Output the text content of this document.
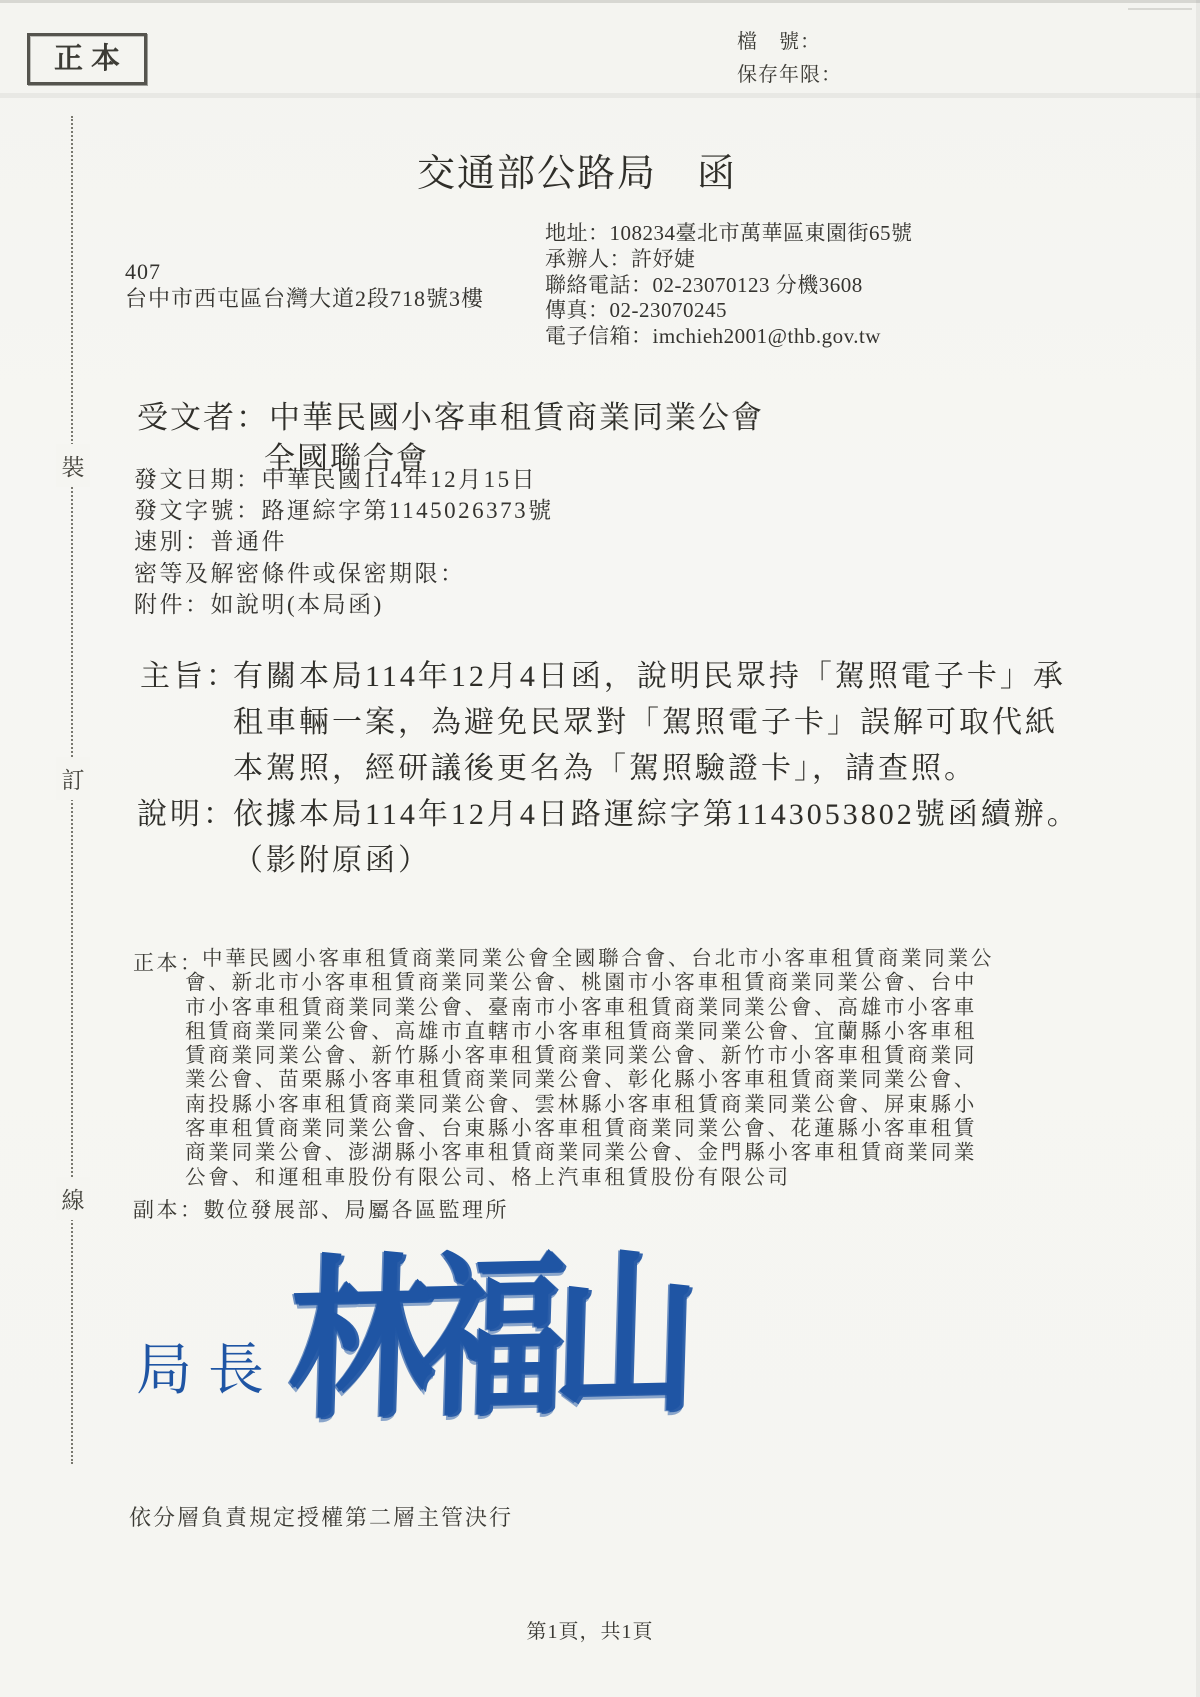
正本
檔　號：
保存年限：
交通部公路局　函
裝
訂
線
407
台中市西屯區台灣大道2段718號3樓
地址：108234臺北市萬華區東園街65號
承辦人：許妤婕
聯絡電話：02-23070123 分機3608
傳真：02-23070245
電子信箱：imchieh2001@thb.gov.tw
受文者：中華民國小客車租賃商業同業公會
全國聯合會
發文日期：中華民國114年12月15日
發文字號：路運綜字第1145026373號
速別：普通件
密等及解密條件或保密期限：
附件：如說明(本局函)
主旨：
有關本局114年12月4日函，說明民眾持「駕照電子卡」承
租車輛一案，為避免民眾對「駕照電子卡」誤解可取代紙
本駕照，經研議後更名為「駕照驗證卡」，請查照。
說明：
依據本局114年12月4日路運綜字第1143053802號函續辦。
（影附原函）
正本：
中華民國小客車租賃商業同業公會全國聯合會、台北市小客車租賃商業同業公
會、新北市小客車租賃商業同業公會、桃園市小客車租賃商業同業公會、台中
市小客車租賃商業同業公會、臺南市小客車租賃商業同業公會、高雄市小客車
租賃商業同業公會、高雄市直轄市小客車租賃商業同業公會、宜蘭縣小客車租
賃商業同業公會、新竹縣小客車租賃商業同業公會、新竹市小客車租賃商業同
業公會、苗栗縣小客車租賃商業同業公會、彰化縣小客車租賃商業同業公會、
南投縣小客車租賃商業同業公會、雲林縣小客車租賃商業同業公會、屏東縣小
客車租賃商業同業公會、台東縣小客車租賃商業同業公會、花蓮縣小客車租賃
商業同業公會、澎湖縣小客車租賃商業同業公會、金門縣小客車租賃商業同業
公會、和運租車股份有限公司、格上汽車租賃股份有限公司
副本：數位發展部、局屬各區監理所
局長 林福山
依分層負責規定授權第二層主管決行
第1頁，共1頁
